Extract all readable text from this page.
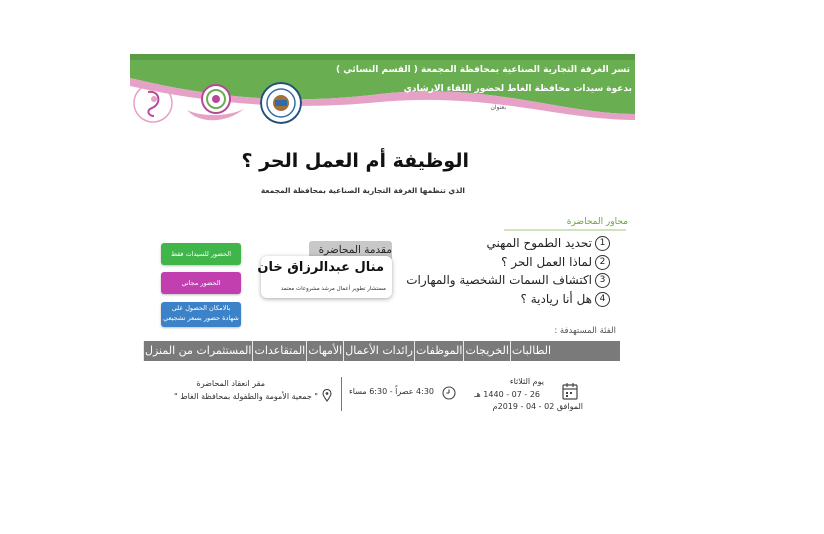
تسر الغرفة التجارية الصناعية بمحافظة المجمعة ( القسم النسائي )
بدعوة سيدات محافظة الغاط لحضور اللقاء الارشادي
بعنوان
الوظيفة أم العمل الحر ؟
الذي تنظمها الغرفة التجارية الصناعية بمحافظة المجمعة
محاور المحاضرة
1تحديد الطموح المهني
2لماذا العمل الحر ؟
3اكتشاف السمات الشخصية والمهارات
4هل أنا ريادية ؟
مقدمة المحاضرة
منال عبدالرزاق خان
مستشار تطوير أعمال مرشد مشروعات معتمد
الحضور للسيدات فقط
الحضور مجاني
بالامكان الحصول على
شهادة حضور بسعر تشجيعي
الفئة المستهدفة :
المستثمرات من المنزل المتقاعدات الأمهات رائدات الأعمال الموظفات الخريجات الطالبات
يوم الثلاثاء
26 - 07 - 1440 هـ
الموافق 02 - 04 - 2019م
4:30 عصراً - 6:30 مساء
مقر انعقاد المحاضرة
" جمعية الأمومة والطفولة بمحافظة الغاط "
